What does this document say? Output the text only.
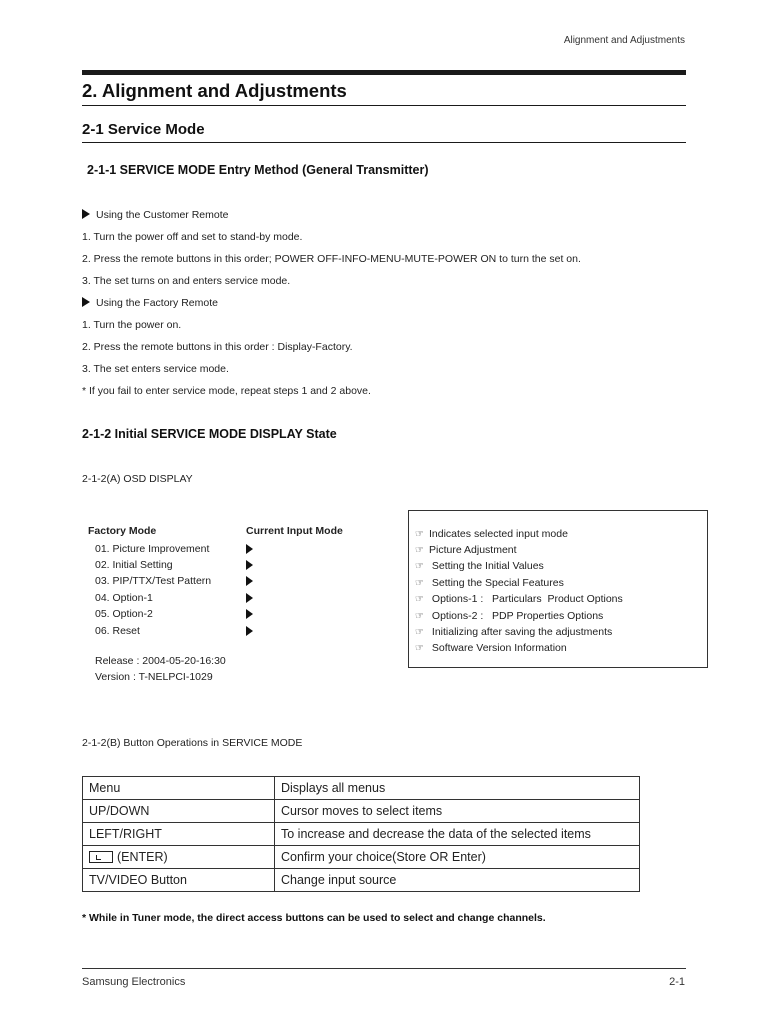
Alignment and Adjustments
2. Alignment and Adjustments
2-1 Service Mode
2-1-1 SERVICE MODE Entry Method (General Transmitter)
Using the Customer Remote
1. Turn the power off and set to stand-by mode.
2. Press the remote buttons in this order; POWER OFF-INFO-MENU-MUTE-POWER ON to turn the set on.
3. The set turns on and enters service mode.
Using the Factory Remote
1. Turn the power on.
2. Press the remote buttons in this order : Display-Factory.
3. The set enters service mode.
* If you fail to enter service mode, repeat steps 1 and 2 above.
2-1-2 Initial SERVICE MODE DISPLAY State
2-1-2(A) OSD DISPLAY
Factory Mode	Current Input Mode
01. Picture Improvement
02. Initial Setting
03. PIP/TTX/Test Pattern
04. Option-1
05. Option-2
06. Reset
Release : 2004-05-20-16:30
Version : T-NELPCI-1029
☞ Indicates selected input mode
☞ Picture Adjustment
☞ Setting the Initial Values
☞ Setting the Special Features
☞ Options-1 :   Particulars  Product Options
☞ Options-2 :   PDP Properties Options
☞ Initializing after saving the adjustments
☞ Software Version Information
2-1-2(B) Button Operations in SERVICE MODE
Menu	Displays all menus
UP/DOWN	Cursor moves to select items
LEFT/RIGHT	To increase and decrease the data of the selected items
(ENTER)	Confirm your choice(Store OR Enter)
TV/VIDEO Button	Change input source
* While in Tuner mode, the direct access buttons can be used to select and change channels.
Samsung Electronics	2-1
